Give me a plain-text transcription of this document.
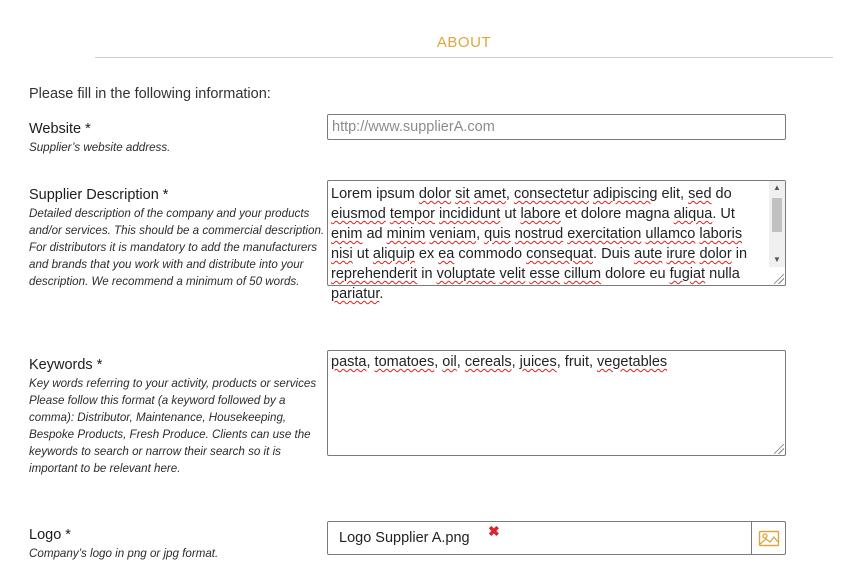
ABOUT
Please fill in the following information:
Website *
Supplier’s website address.
http://www.supplierA.com
Supplier Description *
Detailed description of the company and your products and/or services. This should be a commercial description. For distributors it is mandatory to add the manufacturers and brands that you work with and distribute into your description. We recommend a minimum of 50 words.
Lorem ipsum dolor sit amet, consectetur adipiscing elit, sed do eiusmod tempor incididunt ut labore et dolore magna aliqua. Ut enim ad minim veniam, quis nostrud exercitation ullamco laboris nisi ut aliquip ex ea commodo consequat. Duis aute irure dolor in reprehenderit in voluptate velit esse cillum dolore eu fugiat nulla pariatur.
▲
▼
Keywords *
Key words referring to your activity, products or services Please follow this format (a keyword followed by a comma): Distributor, Maintenance, Housekeeping, Bespoke Products, Fresh Produce. Clients can use the keywords to search or narrow their search so it is important to be relevant here.
pasta, tomatoes, oil, cereals, juices, fruit, vegetables
Logo *
Company’s logo in png or jpg format.
Logo Supplier A.png ✖
